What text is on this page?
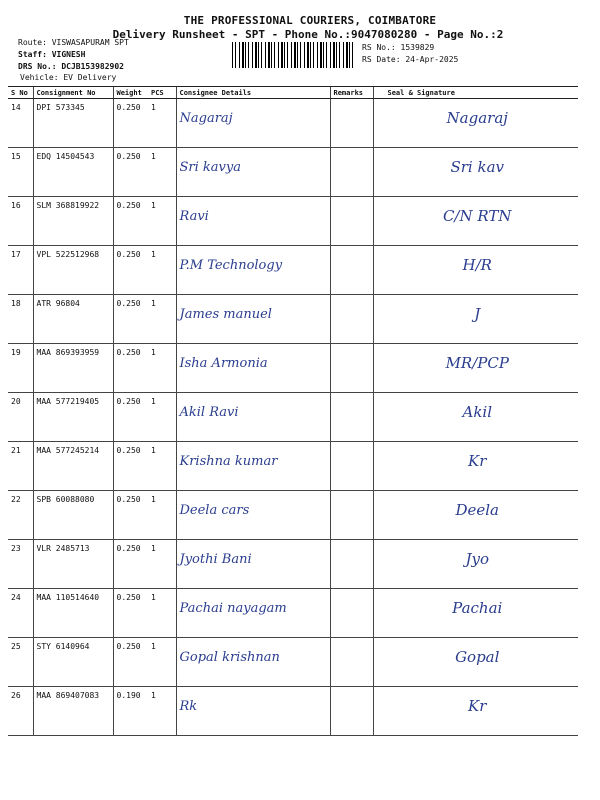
THE PROFESSIONAL COURIERS, COIMBATORE
Delivery Runsheet - SPT - Phone No.:9047080280 - Page No.:2
Route: VISWASAPURAM SPT
Staff: VIGNESH
DRS No.: DCJB153982902
Vehicle: EV Delivery
RS No.: 1539829
RS Date: 24-Apr-2025
S No	Consignment No	Weight	PCS	Consignee Details	Remarks	Seal & Signature
14	DPI 573345	0.250	1	Nagaraj		Nagaraj
15	EDQ 14504543	0.250	1	Sri kavya		Sri kav
16	SLM 368819922	0.250	1	Ravi		C/N RTN
17	VPL 522512968	0.250	1	P.M Technology		H/R
18	ATR 96804	0.250	1	James manuel		J
19	MAA 869393959	0.250	1	Isha Armonia		MR/PCP
20	MAA 577219405	0.250	1	Akil Ravi		Akil
21	MAA 577245214	0.250	1	Krishna kumar		Kr
22	SPB 60088080	0.250	1	Deela cars		Deela
23	VLR 2485713	0.250	1	Jyothi Bani		Jyo
24	MAA 110514640	0.250	1	Pachai nayagam		Pachai
25	STY 6140964	0.250	1	Gopal krishnan		Gopal
26	MAA 869407083	0.190	1	Rk		Kr
